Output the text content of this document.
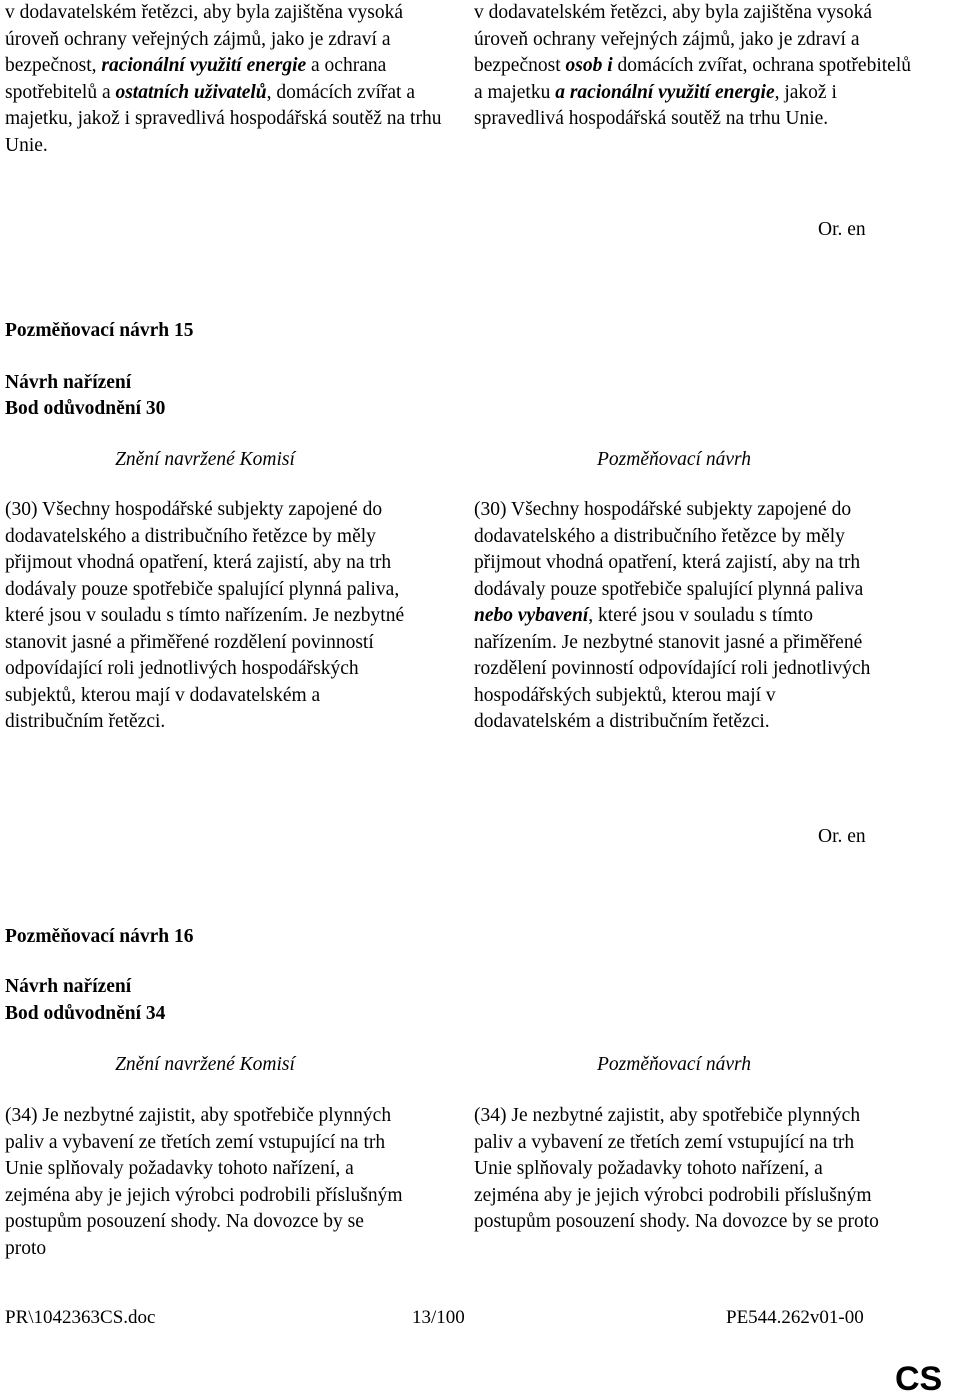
v dodavatelském řetězci, aby byla zajištěna vysoká úroveň ochrany veřejných zájmů, jako je zdraví a bezpečnost, racionální využití energie a ochrana spotřebitelů a ostatních uživatelů, domácích zvířat a majetku, jakož i spravedlivá hospodářská soutěž na trhu Unie.
v dodavatelském řetězci, aby byla zajištěna vysoká úroveň ochrany veřejných zájmů, jako je zdraví a bezpečnost osob i domácích zvířat, ochrana spotřebitelů a majetku a racionální využití energie, jakož i spravedlivá hospodářská soutěž na trhu Unie.
Or. en
Pozměňovací návrh 15
Návrh nařízení
Bod odůvodnění 30
Znění navržené Komisí	Pozměňovací návrh
(30) Všechny hospodářské subjekty zapojené do dodavatelského a distribučního řetězce by měly přijmout vhodná opatření, která zajistí, aby na trh dodávaly pouze spotřebiče spalující plynná paliva, které jsou v souladu s tímto nařízením. Je nezbytné stanovit jasné a přiměřené rozdělení povinností odpovídající roli jednotlivých hospodářských subjektů, kterou mají v dodavatelském a distribučním řetězci.
(30) Všechny hospodářské subjekty zapojené do dodavatelského a distribučního řetězce by měly přijmout vhodná opatření, která zajistí, aby na trh dodávaly pouze spotřebiče spalující plynná paliva nebo vybavení, které jsou v souladu s tímto nařízením. Je nezbytné stanovit jasné a přiměřené rozdělení povinností odpovídající roli jednotlivých hospodářských subjektů, kterou mají v dodavatelském a distribučním řetězci.
Or. en
Pozměňovací návrh 16
Návrh nařízení
Bod odůvodnění 34
Znění navržené Komisí	Pozměňovací návrh
(34) Je nezbytné zajistit, aby spotřebiče plynných paliv a vybavení ze třetích zemí vstupující na trh Unie splňovaly požadavky tohoto nařízení, a zejména aby je jejich výrobci podrobili příslušným postupům posouzení shody. Na dovozce by se proto
(34) Je nezbytné zajistit, aby spotřebiče plynných paliv a vybavení ze třetích zemí vstupující na trh Unie splňovaly požadavky tohoto nařízení, a zejména aby je jejich výrobci podrobili příslušným postupům posouzení shody. Na dovozce by se proto
PR\1042363CS.doc	13/100	PE544.262v01-00
CS
